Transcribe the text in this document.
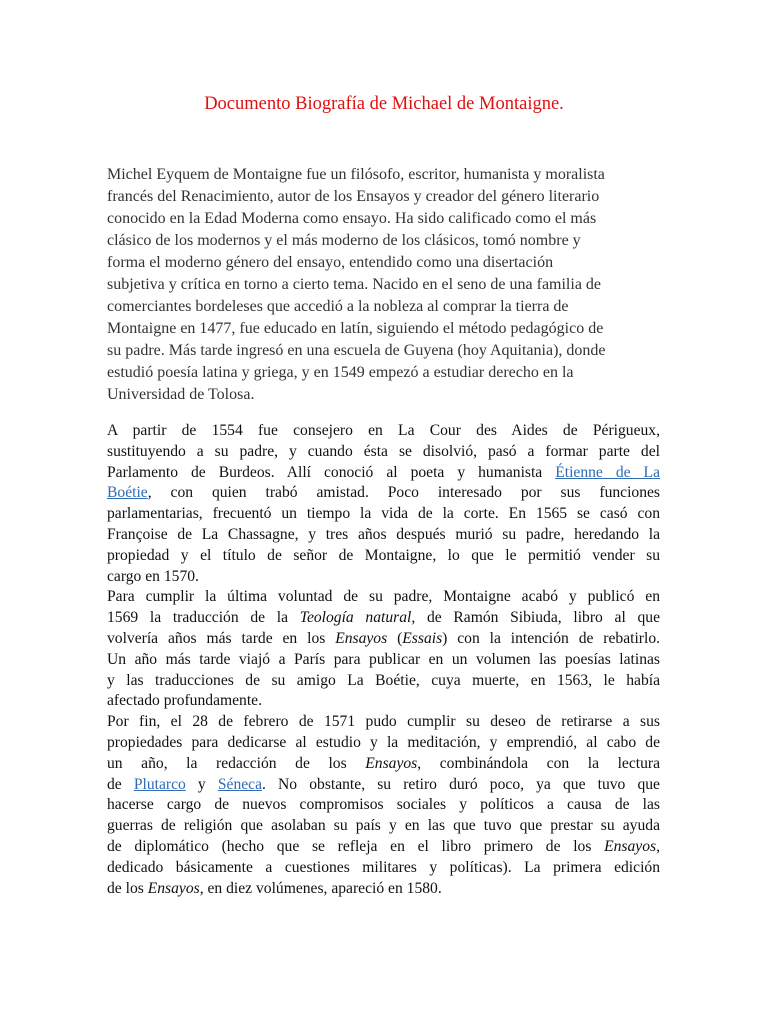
Documento Biografía de Michael de Montaigne.
Michel Eyquem de Montaigne fue un filósofo, escritor, humanista y moralista
francés del Renacimiento, autor de los Ensayos y creador del género literario
conocido en la Edad Moderna como ensayo. Ha sido calificado como el más
clásico de los modernos y el más moderno de los clásicos, tomó nombre y
forma el moderno género del ensayo, entendido como una disertación
subjetiva y crítica en torno a cierto tema. Nacido en el seno de una familia de
comerciantes bordeleses que accedió a la nobleza al comprar la tierra de
Montaigne en 1477, fue educado en latín, siguiendo el método pedagógico de
su padre. Más tarde ingresó en una escuela de Guyena (hoy Aquitania), donde
estudió poesía latina y griega, y en 1549 empezó a estudiar derecho en la
Universidad de Tolosa.

A partir de 1554 fue consejero en La Cour des Aides de Périgueux,
sustituyendo a su padre, y cuando ésta se disolvió, pasó a formar parte del
Parlamento de Burdeos. Allí conoció al poeta y humanista Étienne de La
Boétie, con quien trabó amistad. Poco interesado por sus funciones
parlamentarias, frecuentó un tiempo la vida de la corte. En 1565 se casó con
Françoise de La Chassagne, y tres años después murió su padre, heredando la
propiedad y el título de señor de Montaigne, lo que le permitió vender su
cargo en 1570.

Para cumplir la última voluntad de su padre, Montaigne acabó y publicó en
1569 la traducción de la Teología natural, de Ramón Sibiuda, libro al que
volvería años más tarde en los Ensayos (Essais) con la intención de rebatirlo.
Un año más tarde viajó a París para publicar en un volumen las poesías latinas
y las traducciones de su amigo La Boétie, cuya muerte, en 1563, le había
afectado profundamente.

Por fin, el 28 de febrero de 1571 pudo cumplir su deseo de retirarse a sus
propiedades para dedicarse al estudio y la meditación, y emprendió, al cabo de
un año, la redacción de los Ensayos, combinándola con la lectura
de Plutarco y Séneca. No obstante, su retiro duró poco, ya que tuvo que
hacerse cargo de nuevos compromisos sociales y políticos a causa de las
guerras de religión que asolaban su país y en las que tuvo que prestar su ayuda
de diplomático (hecho que se refleja en el libro primero de los Ensayos,
dedicado básicamente a cuestiones militares y políticas). La primera edición
de los Ensayos, en diez volúmenes, apareció en 1580.
